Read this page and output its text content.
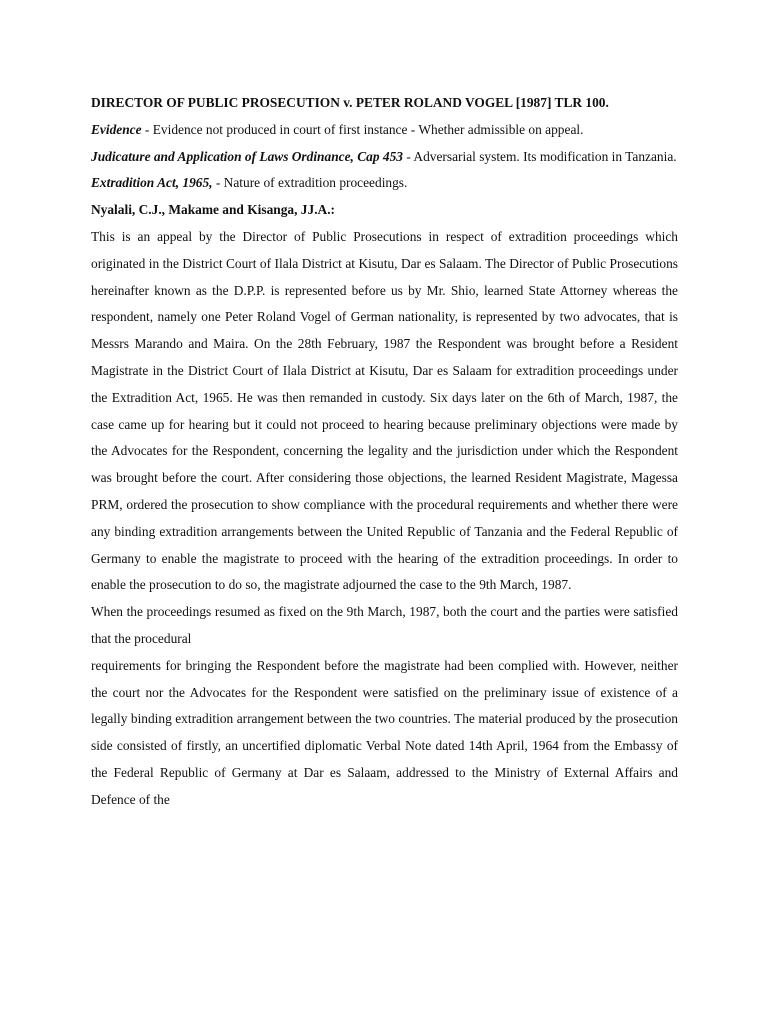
DIRECTOR OF PUBLIC PROSECUTION v. PETER ROLAND VOGEL [1987] TLR 100.

Evidence - Evidence not produced in court of first instance - Whether admissible on appeal.

Judicature and Application of Laws Ordinance, Cap 453 - Adversarial system. Its modification in Tanzania.

Extradition Act, 1965, - Nature of extradition proceedings.

Nyalali, C.J., Makame and Kisanga, JJ.A.:

This is an appeal by the Director of Public Prosecutions in respect of extradition proceedings which originated in the District Court of Ilala District at Kisutu, Dar es Salaam. The Director of Public Prosecutions hereinafter known as the D.P.P. is represented before us by Mr. Shio, learned State Attorney whereas the respondent, namely one Peter Roland Vogel of German nationality, is represented by two advocates, that is Messrs Marando and Maira. On the 28th February, 1987 the Respondent was brought before a Resident Magistrate in the District Court of Ilala District at Kisutu, Dar es Salaam for extradition proceedings under the Extradition Act, 1965. He was then remanded in custody. Six days later on the 6th of March, 1987, the case came up for hearing but it could not proceed to hearing because preliminary objections were made by the Advocates for the Respondent, concerning the legality and the jurisdiction under which the Respondent was brought before the court. After considering those objections, the learned Resident Magistrate, Magessa PRM, ordered the prosecution to show compliance with the procedural requirements and whether there were any binding extradition arrangements between the United Republic of Tanzania and the Federal Republic of Germany to enable the magistrate to proceed with the hearing of the extradition proceedings. In order to enable the prosecution to do so, the magistrate adjourned the case to the 9th March, 1987.

When the proceedings resumed as fixed on the 9th March, 1987, both the court and the parties were satisfied that the procedural

requirements for bringing the Respondent before the magistrate had been complied with. However, neither the court nor the Advocates for the Respondent were satisfied on the preliminary issue of existence of a legally binding extradition arrangement between the two countries. The material produced by the prosecution side consisted of firstly, an uncertified diplomatic Verbal Note dated 14th April, 1964 from the Embassy of the Federal Republic of Germany at Dar es Salaam, addressed to the Ministry of External Affairs and Defence of the
